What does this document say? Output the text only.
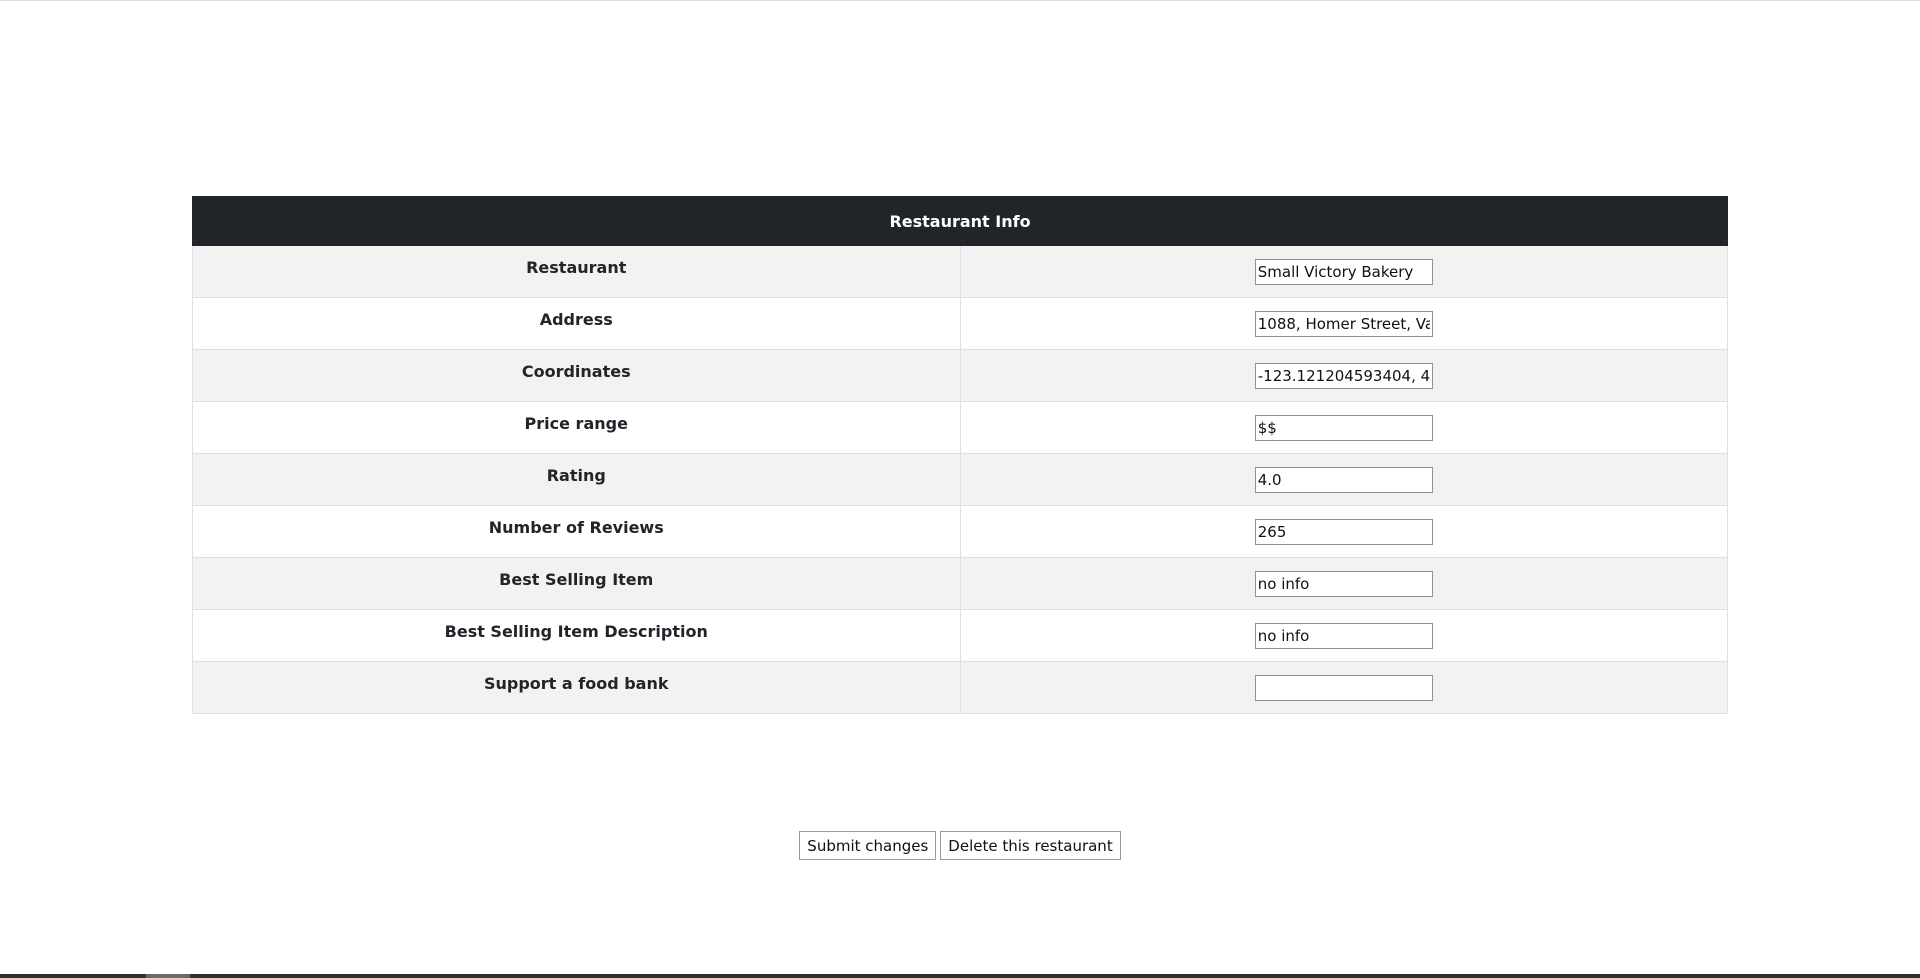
Restaurant Info	
Restaurant	Small Victory Bakery
Address	1088, Homer Street, Vancouver
Coordinates	-123.121204593404, 49.2
Price range	$$
Rating	4.0
Number of Reviews	265
Best Selling Item	no info
Best Selling Item Description	no info
Support a food bank	
Submit changes Delete this restaurant
